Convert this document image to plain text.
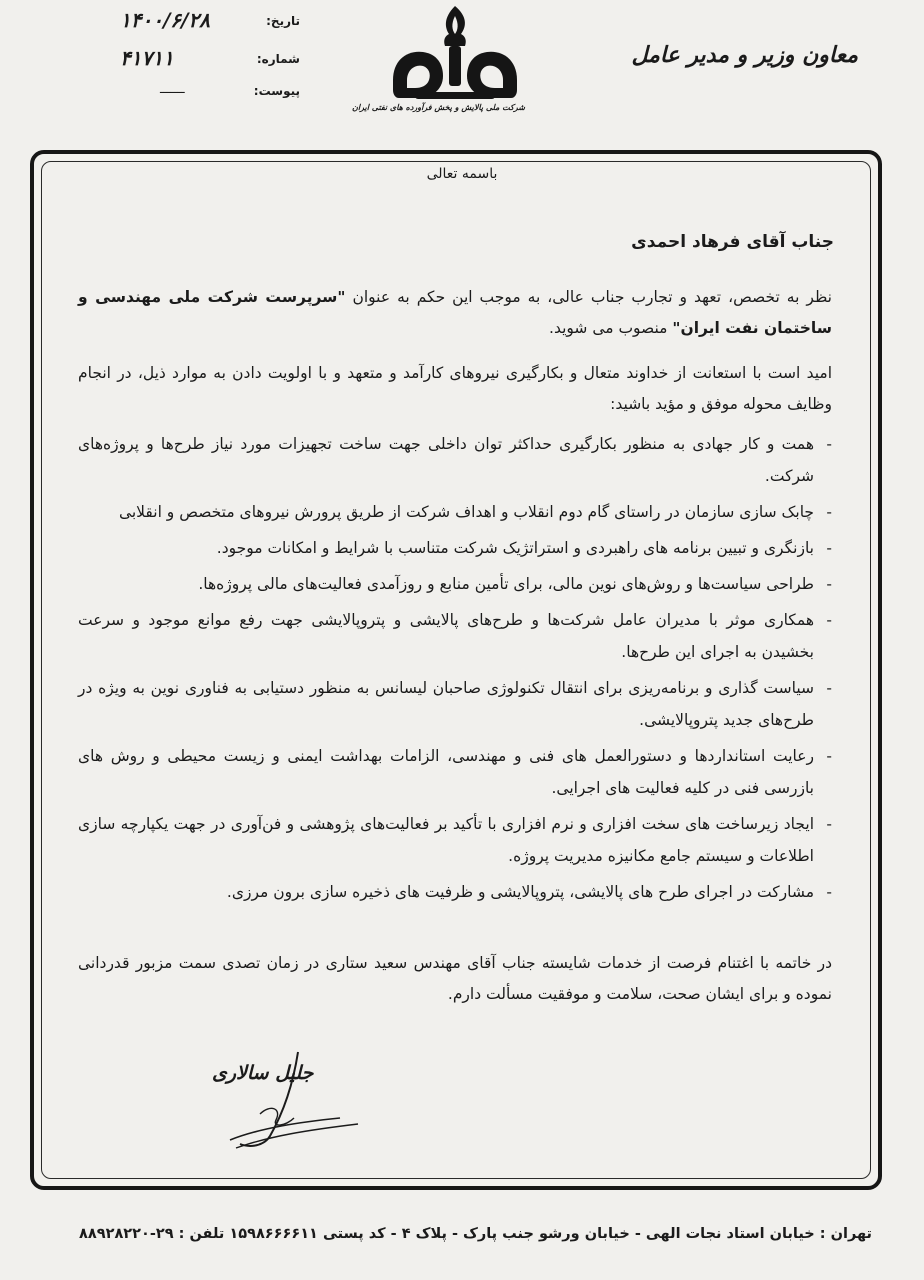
تاریخ:
۱۴۰۰/۶/۲۸
شماره:
۴۱۷۱۱
پیوست:
ـــــــ
شرکت ملی پالایش و پخش فرآورده های نفتی ایران
معاون وزیر و مدیر عامل
باسمه تعالی
جناب آقای فرهاد احمدی
نظر به تخصص، تعهد و تجارب جناب عالی، به موجب این حکم به عنوان "سرپرست شرکت ملی مهندسی و ساختمان نفت ایران" منصوب می شوید.
امید است با استعانت از خداوند متعال و بکارگیری نیروهای کارآمد و متعهد و با اولویت دادن به موارد ذیل، در انجام وظایف محوله موفق و مؤید باشید:
-
همت و کار جهادی به منظور بکارگیری حداکثر توان داخلی جهت ساخت تجهیزات مورد نیاز طرح‌ها و پروژه‌های شرکت.
-
چابک سازی سازمان در راستای گام دوم انقلاب و اهداف شرکت از طریق پرورش نیروهای متخصص و انقلابی
-
بازنگری و تبیین برنامه های راهبردی و استراتژیک شرکت متناسب با شرایط و امکانات موجود.
-
طراحی سیاست‌ها و روش‌های نوین مالی، برای تأمین منابع و روزآمدی فعالیت‌های مالی پروژه‌ها.
-
همکاری موثر با مدیران عامل شرکت‌ها و طرح‌های پالایشی و پتروپالایشی جهت رفع موانع موجود و سرعت بخشیدن به اجرای این طرح‌ها.
-
سیاست گذاری و برنامه‌ریزی برای انتقال تکنولوژی صاحبان لیسانس به منظور دستیابی به فناوری نوین به ویژه در طرح‌های جدید پتروپالایشی.
-
رعایت استانداردها و دستورالعمل های فنی و مهندسی، الزامات بهداشت ایمنی و زیست محیطی و روش های بازرسی فنی در کلیه فعالیت های اجرایی.
-
ایجاد زیرساخت های سخت افزاری و نرم افزاری با تأکید بر فعالیت‌های پژوهشی و فن‌آوری در جهت یکپارچه سازی اطلاعات و سیستم جامع مکانیزه مدیریت پروژه.
-
مشارکت در اجرای طرح های پالایشی، پتروپالایشی و ظرفیت های ذخیره سازی برون مرزی.
در خاتمه با اغتنام فرصت از خدمات شایسته جناب آقای مهندس سعید ستاری در زمان تصدی سمت مزبور قدردانی نموده و برای ایشان صحت، سلامت و موفقیت مسألت دارم.
جلیل سالاری
تهران : خیابان استاد نجات الهی - خیابان ورشو جنب پارک - پلاک ۴ - کد پستی ۱۵۹۸۶۶۶۶۱۱ تلفن : ۲۹-۸۸۹۲۸۲۲۰
